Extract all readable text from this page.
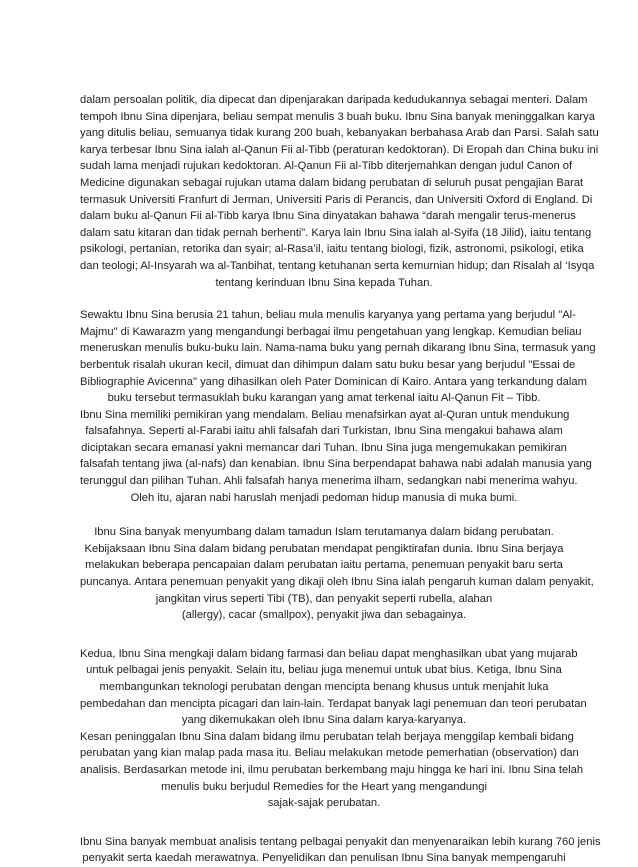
dalam persoalan politik, dia dipecat dan dipenjarakan daripada kedudukannya sebagai menteri. Dalam
tempoh Ibnu Sina dipenjara, beliau sempat menulis 3 buah buku. Ibnu Sina banyak meninggalkan karya
yang ditulis beliau, semuanya tidak kurang 200 buah, kebanyakan berbahasa Arab dan Parsi. Salah satu
karya terbesar Ibnu Sina ialah al-Qanun Fii al-Tibb (peraturan kedoktoran). Di Eropah dan China buku ini
sudah lama menjadi rujukan kedoktoran. Al-Qanun Fii al-Tibb diterjemahkan dengan judul Canon of
Medicine digunakan sebagai rujukan utama dalam bidang perubatan di seluruh pusat pengajian Barat
termasuk Universiti Franfurt di Jerman, Universiti Paris di Perancis, dan Universiti Oxford di England. Di
dalam buku al-Qanun Fii al-Tibb karya Ibnu Sina dinyatakan bahawa “darah mengalir terus-menerus
dalam satu kitaran dan tidak pernah berhenti”. Karya lain Ibnu Sina ialah al-Syifa (18 Jilid), iaitu tentang
psikologi, pertanian, retorika dan syair; al-Rasa’il, iaitu tentang biologi, fizik, astronomi, psikologi, etika
dan teologi; Al-Insyarah wa al-Tanbihat, tentang ketuhanan serta kemurnian hidup; dan Risalah al ‘Isyqa
tentang kerinduan Ibnu Sina kepada Tuhan.
Sewaktu Ibnu Sina berusia 21 tahun, beliau mula menulis karyanya yang pertama yang berjudul "Al-
Majmu" di Kawarazm yang mengandungi berbagai ilmu pengetahuan yang lengkap. Kemudian beliau
meneruskan menulis buku-buku lain. Nama-nama buku yang pernah dikarang Ibnu Sina, termasuk yang
berbentuk risalah ukuran kecil, dimuat dan dihimpun dalam satu buku besar yang berjudul "Essai de
Bibliographie Avicenna" yang dihasilkan oleh Pater Dominican di Kairo. Antara yang terkandung dalam
buku tersebut termasuklah buku karangan yang amat terkenal iaitu Al-Qanun Fit – Tibb.
Ibnu Sina memiliki pemikiran yang mendalam. Beliau menafsirkan ayat al-Quran untuk mendukung
falsafahnya. Seperti al-Farabi iaitu ahli falsafah dari Turkistan, Ibnu Sina mengakui bahawa alam
diciptakan secara emanasi yakni memancar dari Tuhan. Ibnu Sina juga mengemukakan pemikiran
falsafah tentang jiwa (al-nafs) dan kenabian. Ibnu Sina berpendapat bahawa nabi adalah manusia yang
terunggul dan pilihan Tuhan. Ahli falsafah hanya menerima ilham, sedangkan nabi menerima wahyu.
Oleh itu, ajaran nabi haruslah menjadi pedoman hidup manusia di muka bumi.
Ibnu Sina banyak menyumbang dalam tamadun Islam terutamanya dalam bidang perubatan.
Kebijaksaan Ibnu Sina dalam bidang perubatan mendapat pengiktirafan dunia. Ibnu Sina berjaya
melakukan beberapa pencapaian dalam perubatan iaitu pertama, penemuan penyakit baru serta
puncanya. Antara penemuan penyakit yang dikaji oleh Ibnu Sina ialah pengaruh kuman dalam penyakit,
jangkitan virus seperti Tibi (TB), dan penyakit seperti rubella, alahan
(allergy), cacar (smallpox), penyakit jiwa dan sebagainya.
Kedua, Ibnu Sina mengkaji dalam bidang farmasi dan beliau dapat menghasilkan ubat yang mujarab
untuk pelbagai jenis penyakit. Selain itu, beliau juga menemui untuk ubat bius. Ketiga, Ibnu Sina
membangunkan teknologi perubatan dengan mencipta benang khusus untuk menjahit luka
pembedahan dan mencipta picagari dan lain-lain. Terdapat banyak lagi penemuan dan teori perubatan
yang dikemukakan oleh Ibnu Sina dalam karya-karyanya.
Kesan peninggalan Ibnu Sina dalam bidang ilmu perubatan telah berjaya menggilap kembali bidang
perubatan yang kian malap pada masa itu. Beliau melakukan metode pemerhatian (observation) dan
analisis. Berdasarkan metode ini, ilmu perubatan berkembang maju hingga ke hari ini. Ibnu Sina telah
menulis buku berjudul Remedies for the Heart yang mengandungi
sajak-sajak perubatan.
Ibnu Sina banyak membuat analisis tentang pelbagai penyakit dan menyenaraikan lebih kurang 760 jenis
penyakit serta kaedah merawatnya. Penyelidikan dan penulisan Ibnu Sina banyak mempengaruhi
